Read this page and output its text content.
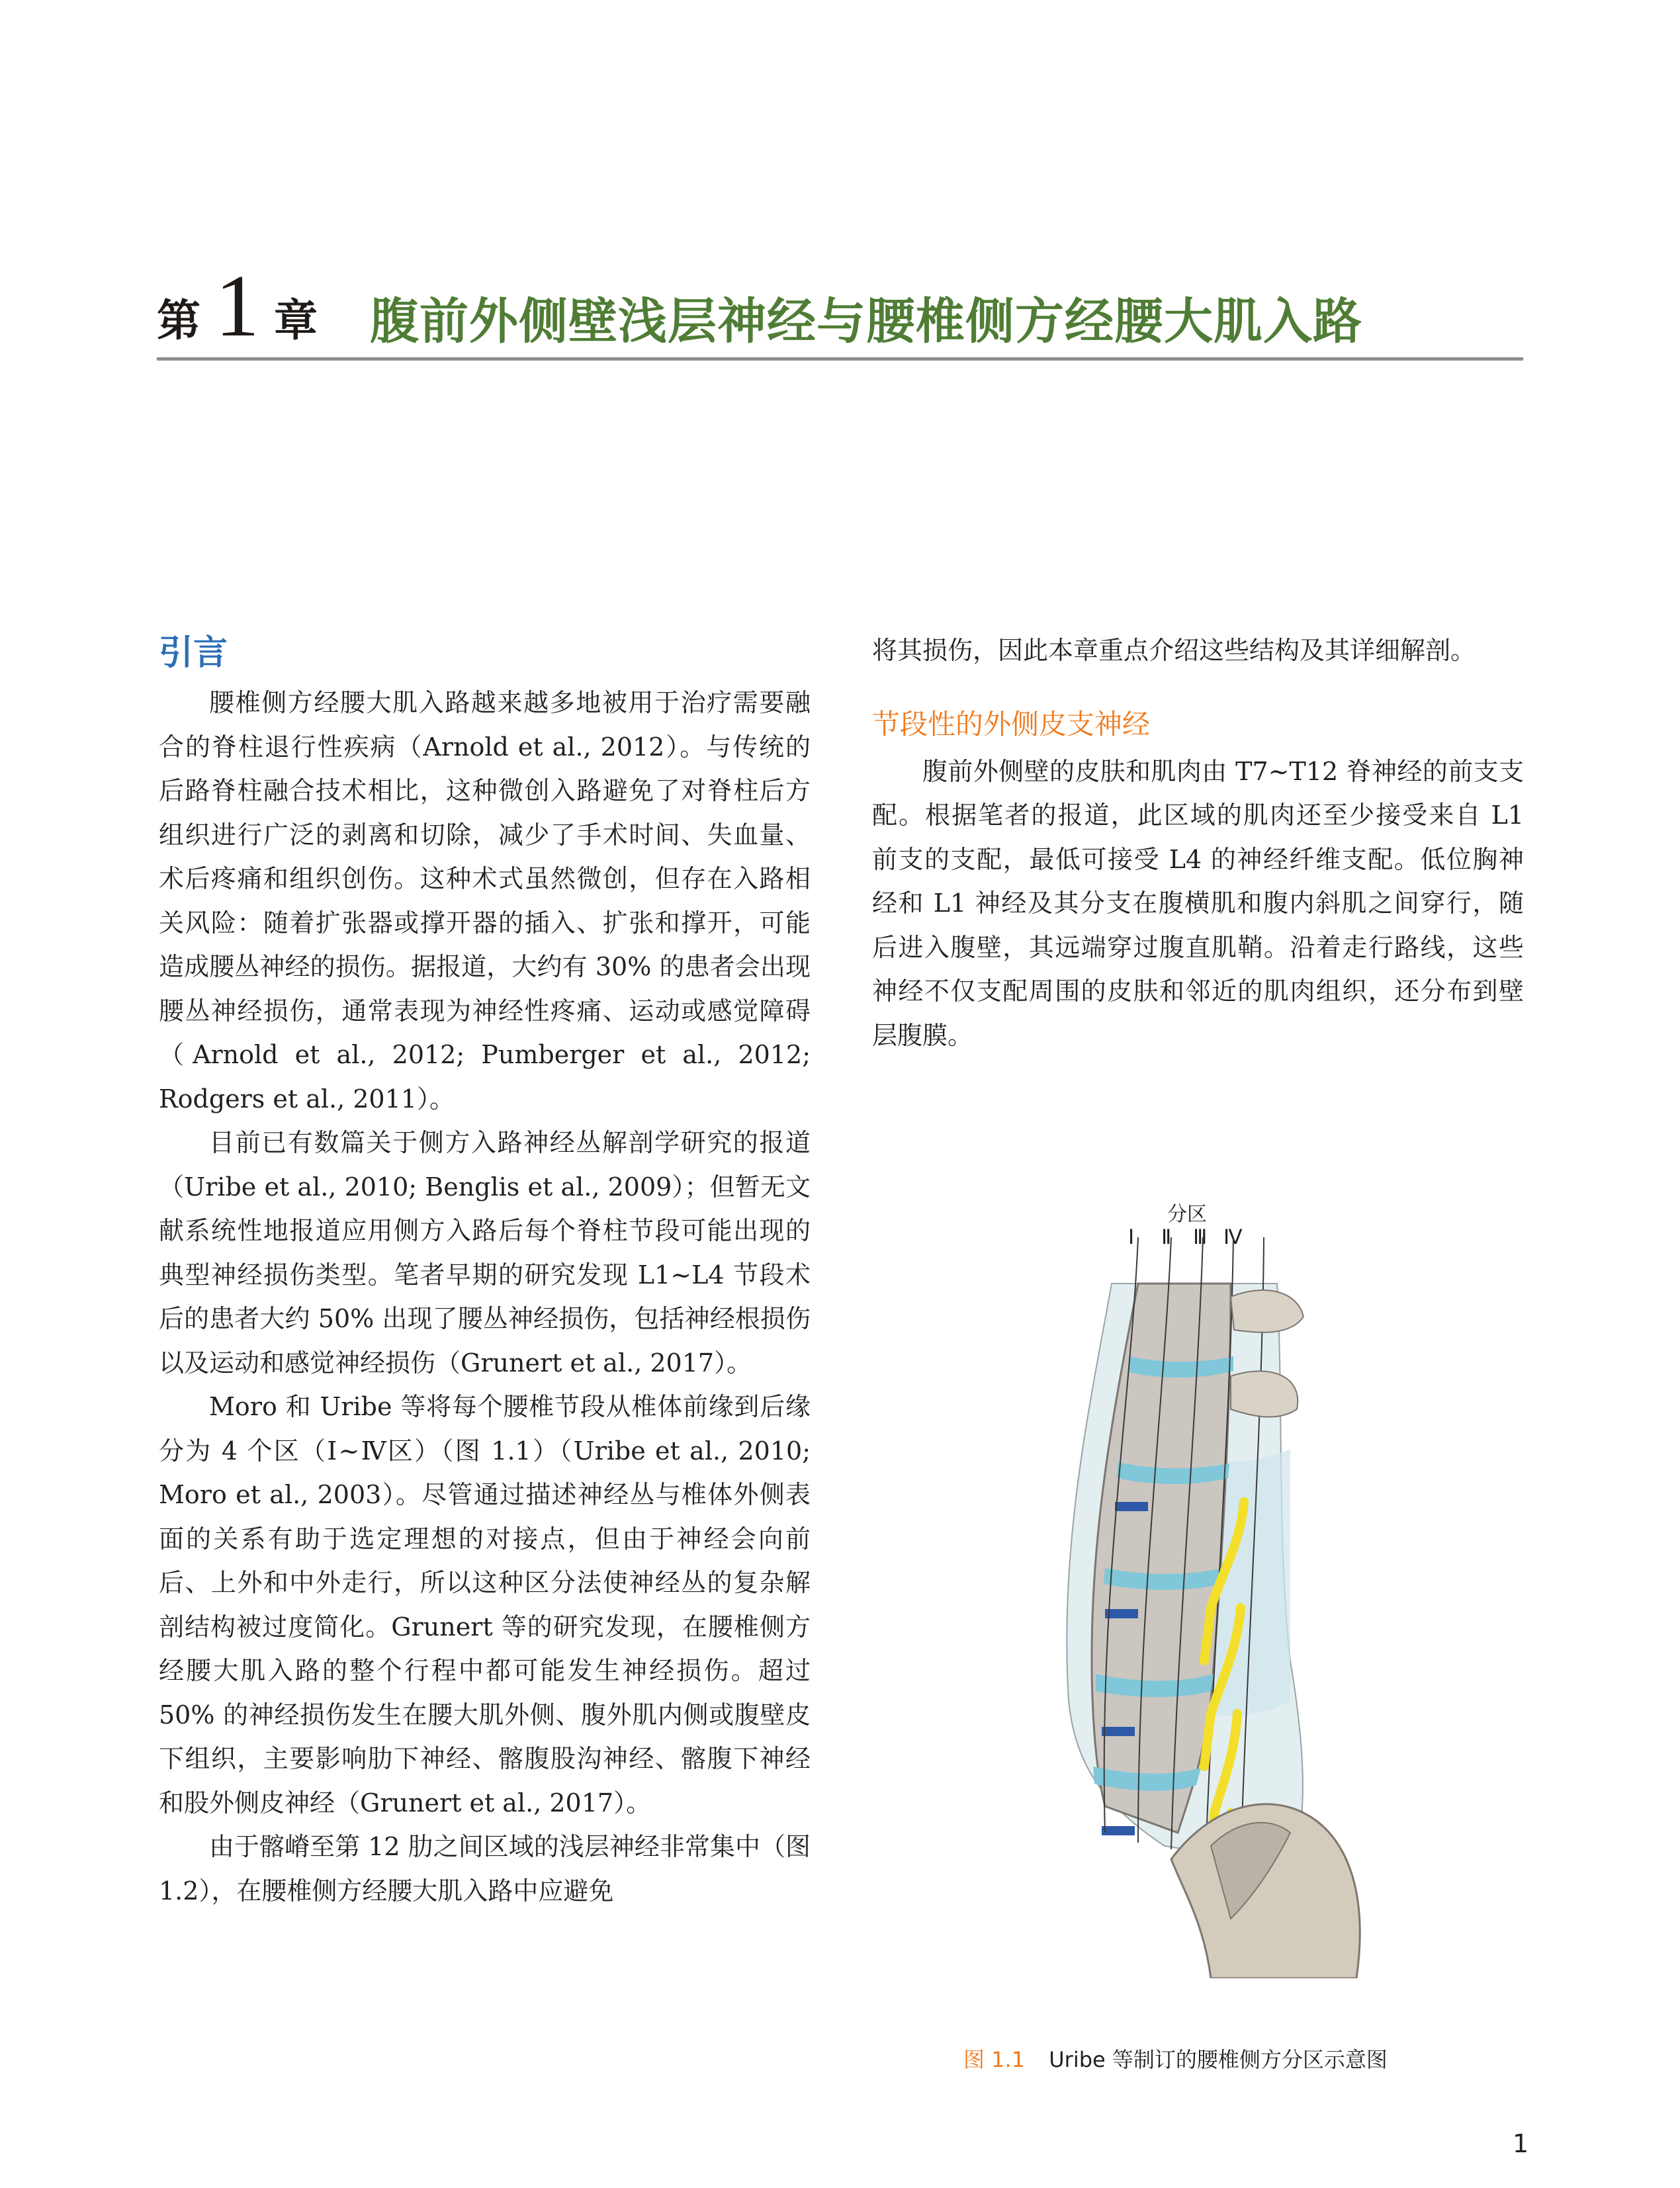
第 1 章 腹前外侧壁浅层神经与腰椎侧方经腰大肌入路
引言

腰椎侧方经腰大肌入路越来越多地被用于治疗需要融合的脊柱退行性疾病（Arnold et al., 2012）。与传统的后路脊柱融合技术相比，这种微创入路避免了对脊柱后方组织进行广泛的剥离和切除，减少了手术时间、失血量、术后疼痛和组织创伤。这种术式虽然微创，但存在入路相关风险：随着扩张器或撑开器的插入、扩张和撑开，可能造成腰丛神经的损伤。据报道，大约有 30% 的患者会出现腰丛神经损伤，通常表现为神经性疼痛、运动或感觉障碍（Arnold et al., 2012; Pumberger et al., 2012; Rodgers et al., 2011）。

目前已有数篇关于侧方入路神经丛解剖学研究的报道（Uribe et al., 2010; Benglis et al., 2009）；但暂无文献系统性地报道应用侧方入路后每个脊柱节段可能出现的典型神经损伤类型。笔者早期的研究发现 L1~L4 节段术后的患者大约 50% 出现了腰丛神经损伤，包括神经根损伤以及运动和感觉神经损伤（Grunert et al., 2017）。

Moro 和 Uribe 等将每个腰椎节段从椎体前缘到后缘分为 4 个区（Ⅰ~Ⅳ区）（图 1.1）（Uribe et al., 2010; Moro et al., 2003）。尽管通过描述神经丛与椎体外侧表面的关系有助于选定理想的对接点，但由于神经会向前后、上外和中外走行，所以这种区分法使神经丛的复杂解剖结构被过度简化。Grunert 等的研究发现，在腰椎侧方经腰大肌入路的整个行程中都可能发生神经损伤。超过 50% 的神经损伤发生在腰大肌外侧、腹外肌内侧或腹壁皮下组织，主要影响肋下神经、髂腹股沟神经、髂腹下神经和股外侧皮神经（Grunert et al., 2017）。

由于髂嵴至第 12 肋之间区域的浅层神经非常集中（图 1.2），在腰椎侧方经腰大肌入路中应避免

将其损伤，因此本章重点介绍这些结构及其详细解剖。

节段性的外侧皮支神经

腹前外侧壁的皮肤和肌肉由 T7~T12 脊神经的前支支配。根据笔者的报道，此区域的肌肉还至少接受来自 L1 前支的支配，最低可接受 L4 的神经纤维支配。低位胸神经和 L1 神经及其分支在腹横肌和腹内斜肌之间穿行，随后进入腹壁，其远端穿过腹直肌鞘。沿着走行路线，这些神经不仅支配周围的皮肤和邻近的肌肉组织，还分布到壁层腹膜。

分区
Ⅰ Ⅱ Ⅲ Ⅳ
图 1.1 Uribe 等制订的腰椎侧方分区示意图
1
